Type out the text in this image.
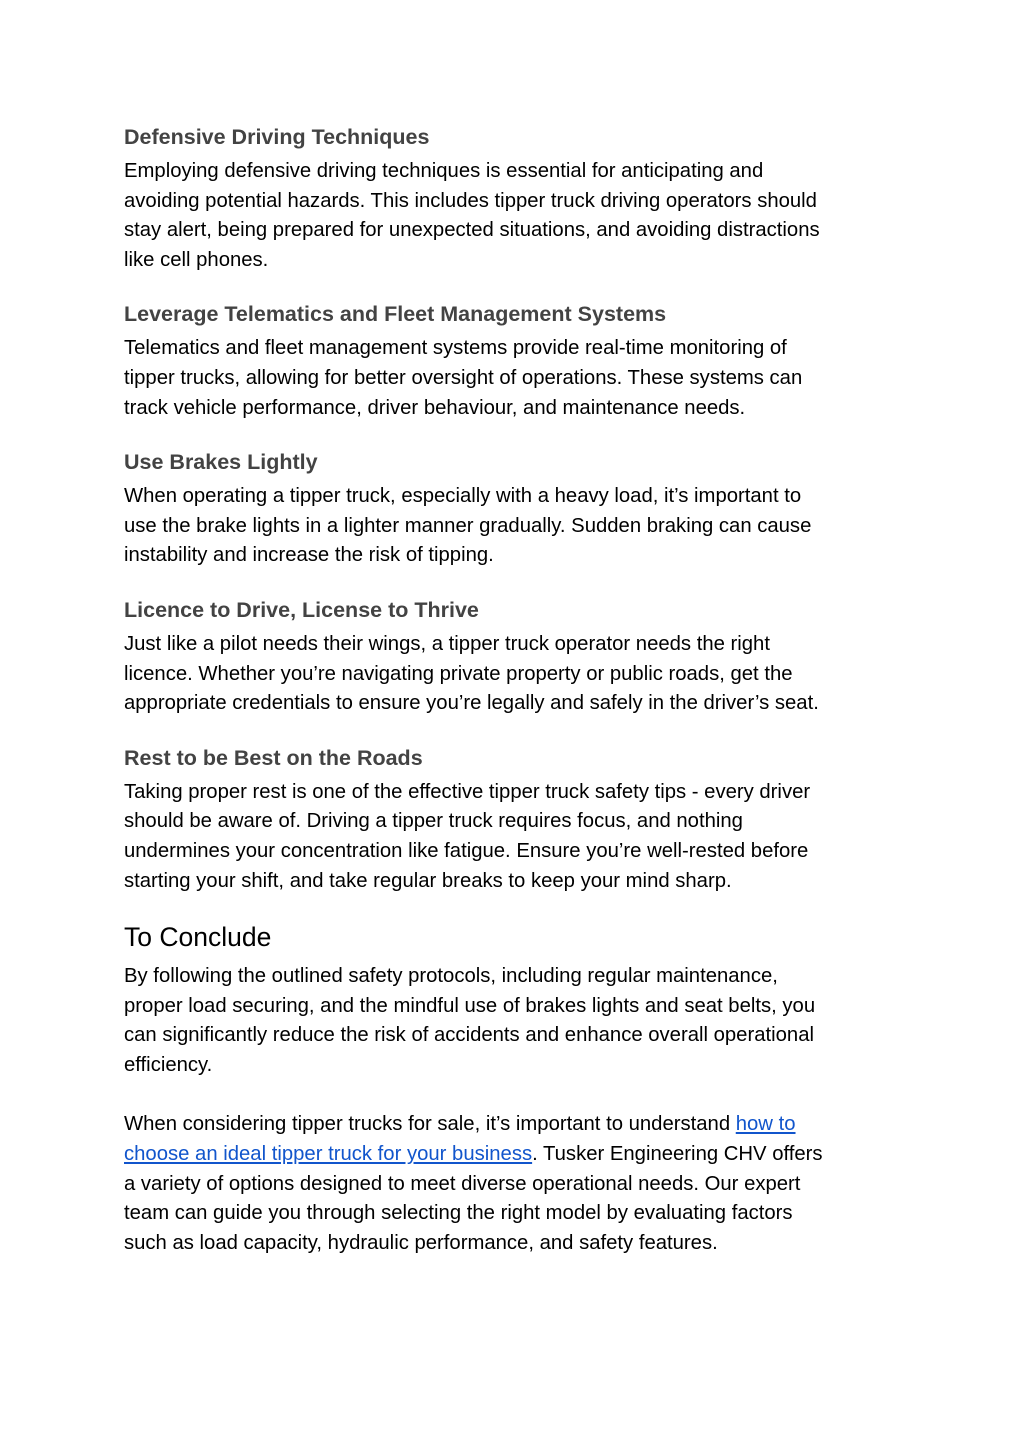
Defensive Driving Techniques
Employing defensive driving techniques is essential for anticipating and
avoiding potential hazards. This includes tipper truck driving operators should
stay alert, being prepared for unexpected situations, and avoiding distractions
like cell phones.
Leverage Telematics and Fleet Management Systems
Telematics and fleet management systems provide real-time monitoring of
tipper trucks, allowing for better oversight of operations. These systems can
track vehicle performance, driver behaviour, and maintenance needs.
Use Brakes Lightly
When operating a tipper truck, especially with a heavy load, it’s important to
use the brake lights in a lighter manner gradually. Sudden braking can cause
instability and increase the risk of tipping.
Licence to Drive, License to Thrive
Just like a pilot needs their wings, a tipper truck operator needs the right
licence. Whether you’re navigating private property or public roads, get the
appropriate credentials to ensure you’re legally and safely in the driver’s seat.
Rest to be Best on the Roads
Taking proper rest is one of the effective tipper truck safety tips - every driver
should be aware of. Driving a tipper truck requires focus, and nothing
undermines your concentration like fatigue. Ensure you’re well-rested before
starting your shift, and take regular breaks to keep your mind sharp.
To Conclude
By following the outlined safety protocols, including regular maintenance,
proper load securing, and the mindful use of brakes lights and seat belts, you
can significantly reduce the risk of accidents and enhance overall operational
efficiency.
When considering tipper trucks for sale, it’s important to understand how to
choose an ideal tipper truck for your business. Tusker Engineering CHV offers
a variety of options designed to meet diverse operational needs. Our expert
team can guide you through selecting the right model by evaluating factors
such as load capacity, hydraulic performance, and safety features.
